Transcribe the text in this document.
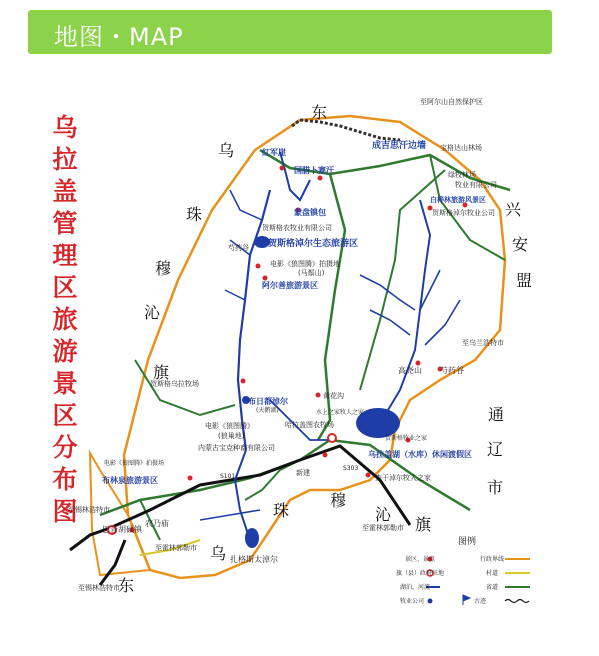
地图・MAP
乌
拉
盖
管
理
区
旅
游
景
区
分
布
图
东
乌
珠
穆
沁
旗
兴
安
盟
通
辽
市
东
乌
珠
穆
沁
旗
至阿尔山自然保护区
成吉思汗边墙 宝格达山林场
红军崖
国腊卜赛汗	绿牧林场
牧业有限公司
白桦林旅游风景区
贺斯格淖尔牧业公司
蒙盘镇包
贺斯格淖尔生态旅游区
贺斯格农牧业有限公司
芍药谷
电影《狼图腾》拍摄地
(马鬃山)
阿尔善旅游景区
高尧山 芍药谷
贺斯格乌拉牧场
布日都淖尔
(天鹅湖)
黄花沟
水上之家牧人之家
哈拉盖图农牧场
电影《狼图腾》
(狼巢地)
内蒙古宝克种畜有限公司
贺斯格牧业之家
乌拉盖湖（水库）休闲渡假区
查干淖尔牧人之家
新建
电影《狼图腾》拍摄场
布林泉旅游景区
至锡林浩特市
巴音胡硕镇
农乃庙
至霍林郭勒市
扎格斯太淖尔
至霍林郭勒市
至乌兰浩特市
至锡林浩特市
S101
S303
图例
景区、景点	行政界线
旗（县）政府驻地	村道
湖泊、河流	省道
牧业公司	古迹
